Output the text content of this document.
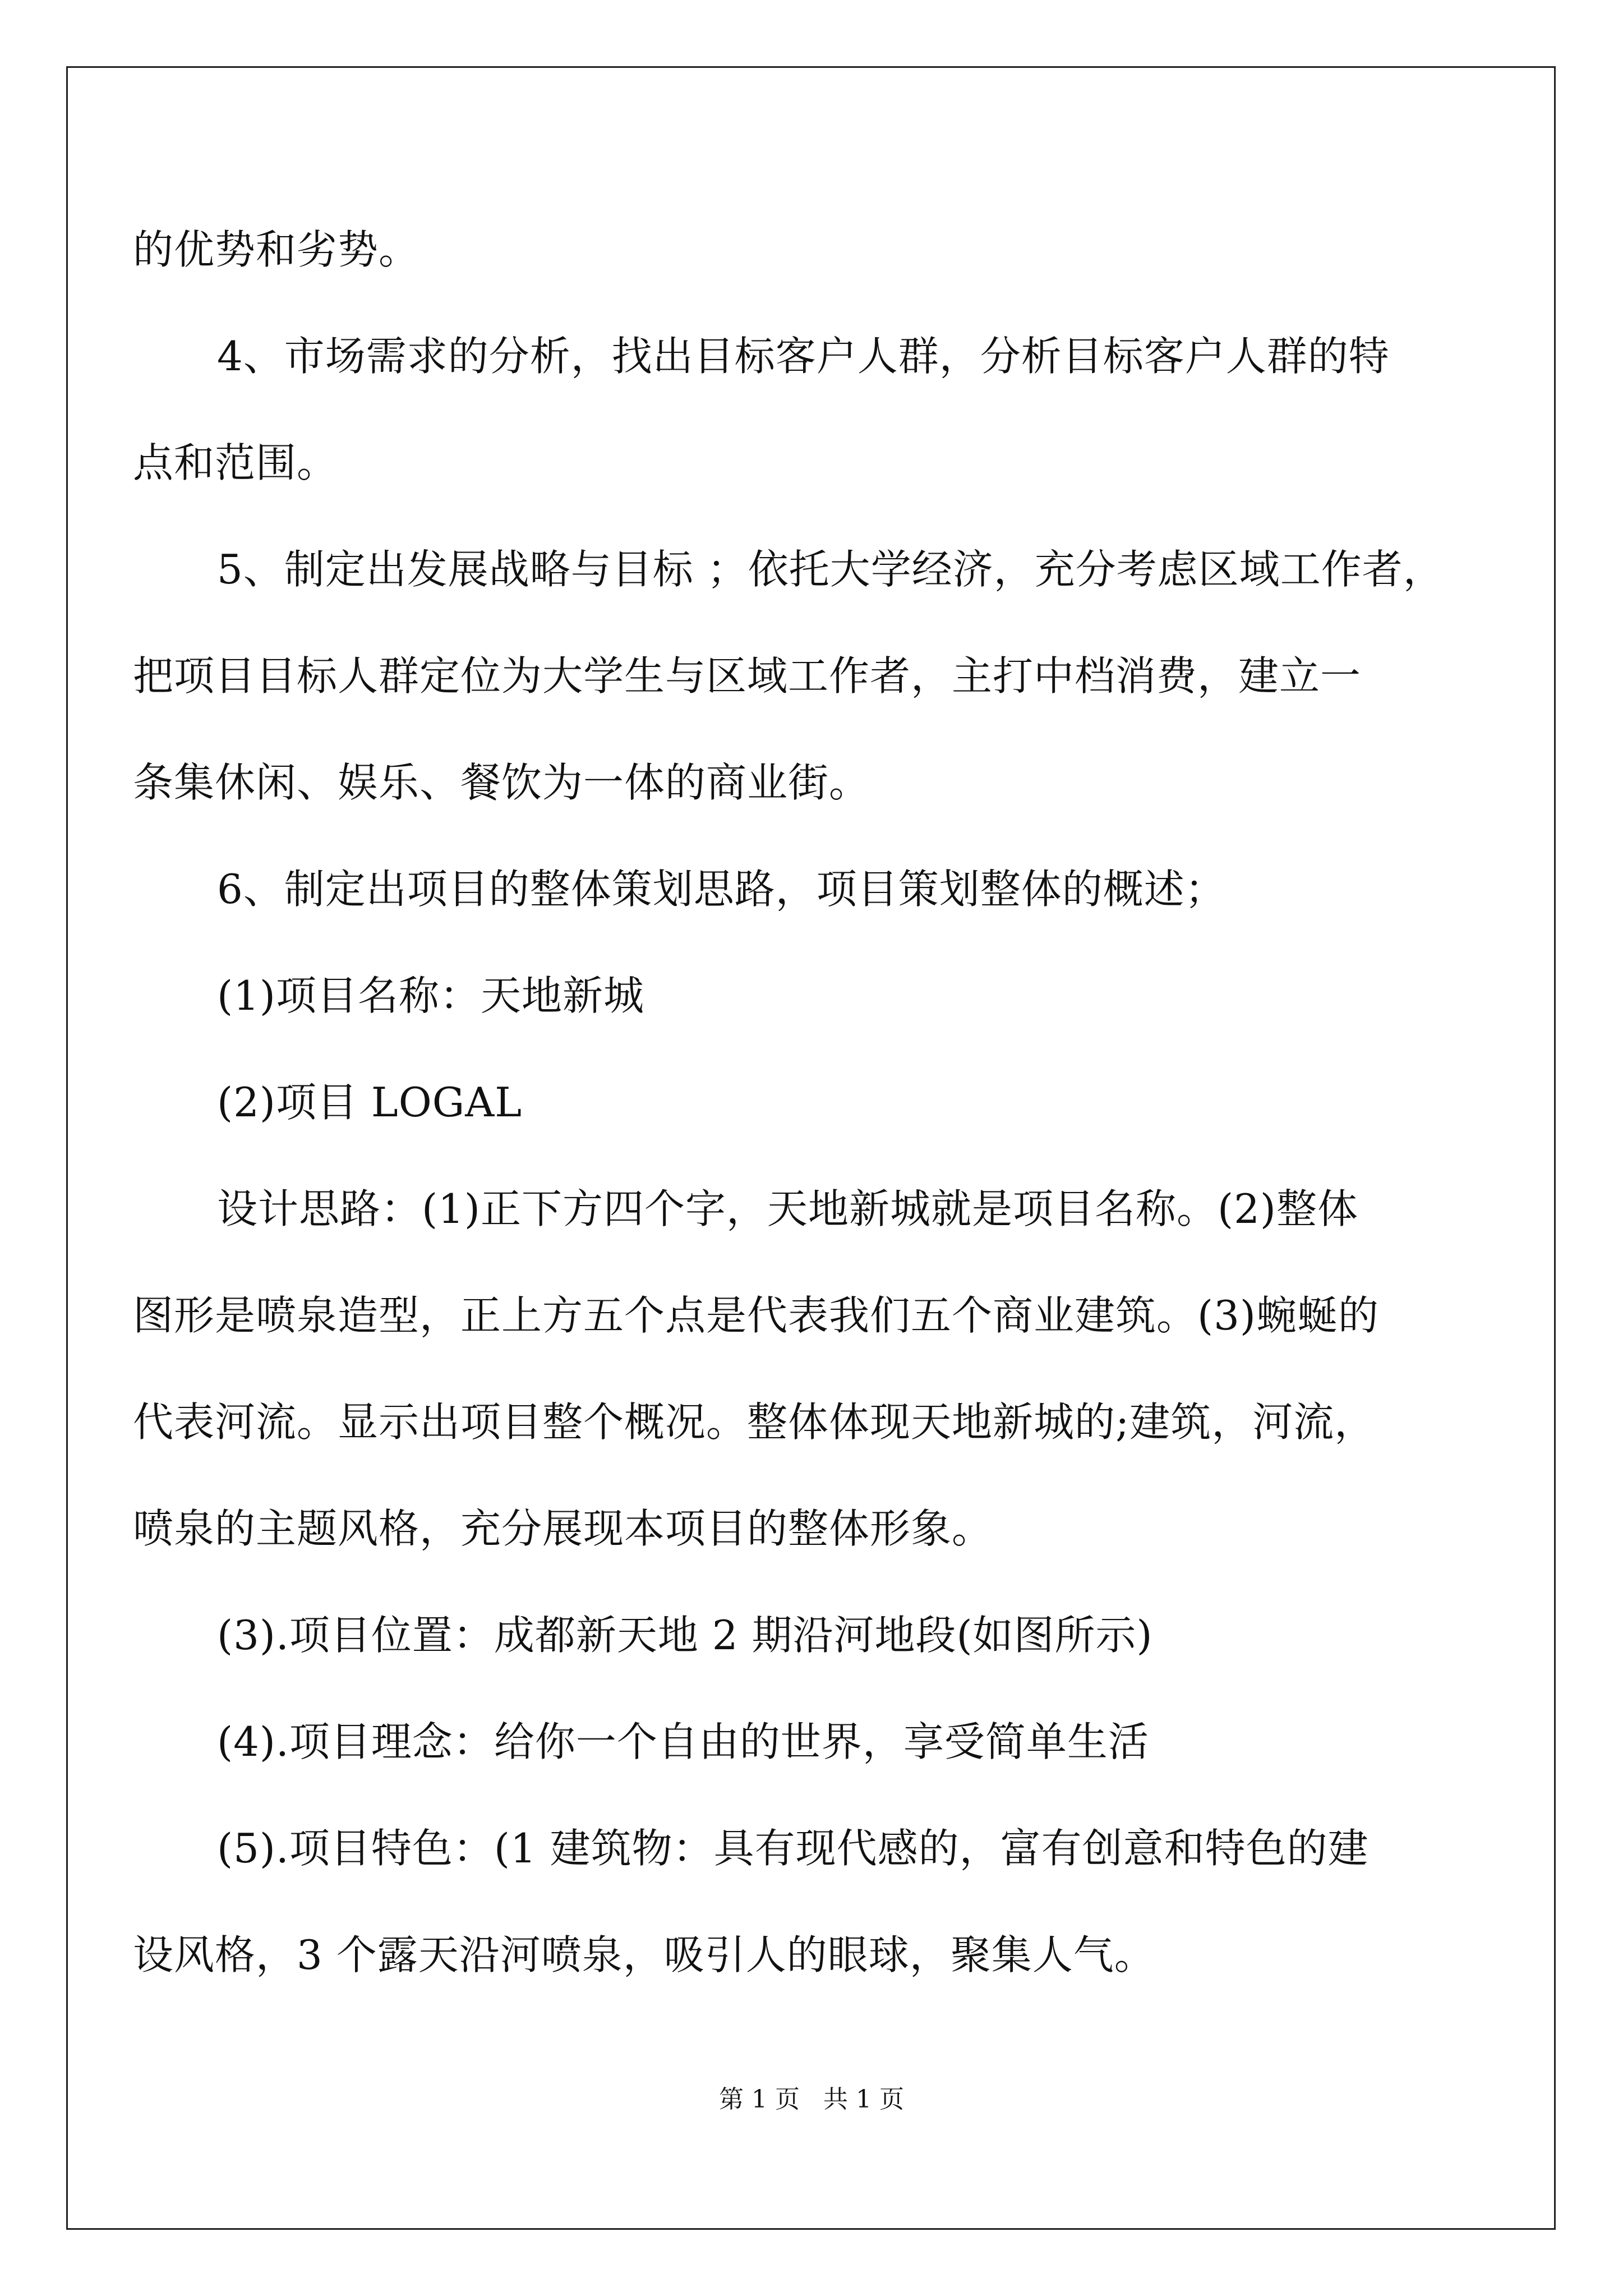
的优势和劣势。
4、市场需求的分析，找出目标客户人群，分析目标客户人群的特
点和范围。
5、制定出发展战略与目标 ；依托大学经济，充分考虑区域工作者，
把项目目标人群定位为大学生与区域工作者，主打中档消费，建立一
条集休闲、娱乐、餐饮为一体的商业街。
6、制定出项目的整体策划思路，项目策划整体的概述；
(1)项目名称：天地新城
(2)项目 LOGAL
设计思路：(1)正下方四个字，天地新城就是项目名称。(2)整体
图形是喷泉造型，正上方五个点是代表我们五个商业建筑。(3)蜿蜒的
代表河流。显示出项目整个概况。整体体现天地新城的;建筑，河流，
喷泉的主题风格，充分展现本项目的整体形象。
(3).项目位置：成都新天地 2 期沿河地段(如图所示)
(4).项目理念：给你一个自由的世界，享受简单生活
(5).项目特色：(1 建筑物：具有现代感的，富有创意和特色的建
设风格，3 个露天沿河喷泉，吸引人的眼球，聚集人气。
第 1 页   共 1 页
